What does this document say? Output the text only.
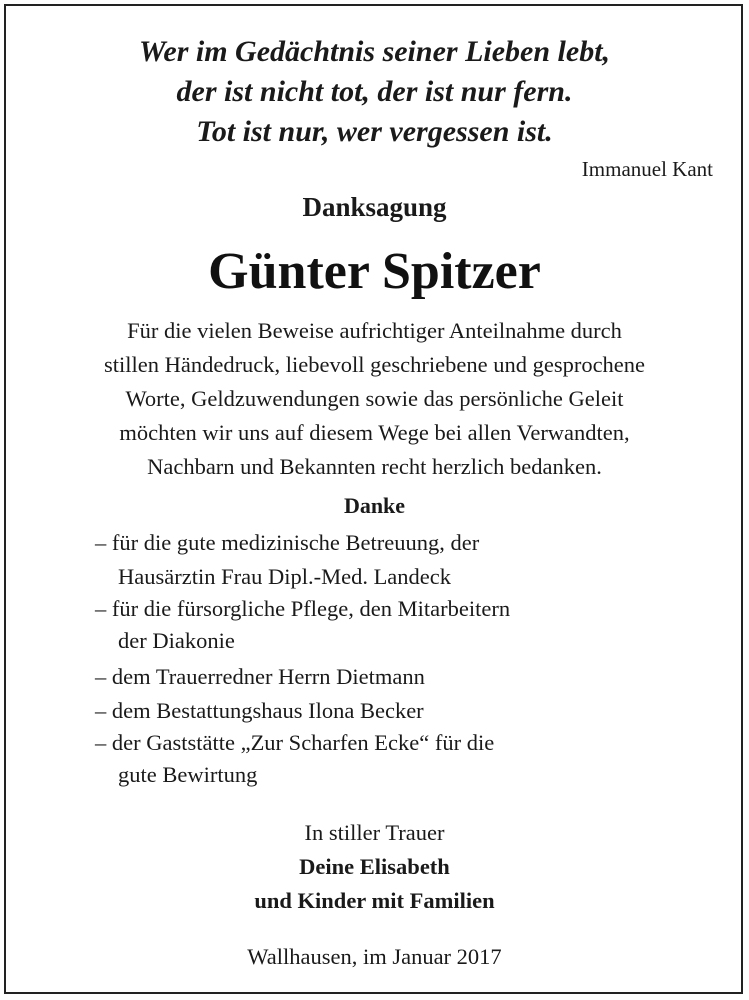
Wer im Gedächtnis seiner Lieben lebt,
der ist nicht tot, der ist nur fern.
Tot ist nur, wer vergessen ist.
Immanuel Kant
Danksagung
Günter Spitzer
Für die vielen Beweise aufrichtiger Anteilnahme durch
stillen Händedruck, liebevoll geschriebene und gesprochene
Worte, Geldzuwendungen sowie das persönliche Geleit
möchten wir uns auf diesem Wege bei allen Verwandten,
Nachbarn und Bekannten recht herzlich bedanken.
Danke
– für die gute medizinische Betreuung, der
Hausärztin Frau Dipl.-Med. Landeck
– für die fürsorgliche Pflege, den Mitarbeitern
der Diakonie
– dem Trauerredner Herrn Dietmann
– dem Bestattungshaus Ilona Becker
– der Gaststätte „Zur Scharfen Ecke“ für die
gute Bewirtung
In stiller Trauer
Deine Elisabeth
und Kinder mit Familien
Wallhausen, im Januar 2017
